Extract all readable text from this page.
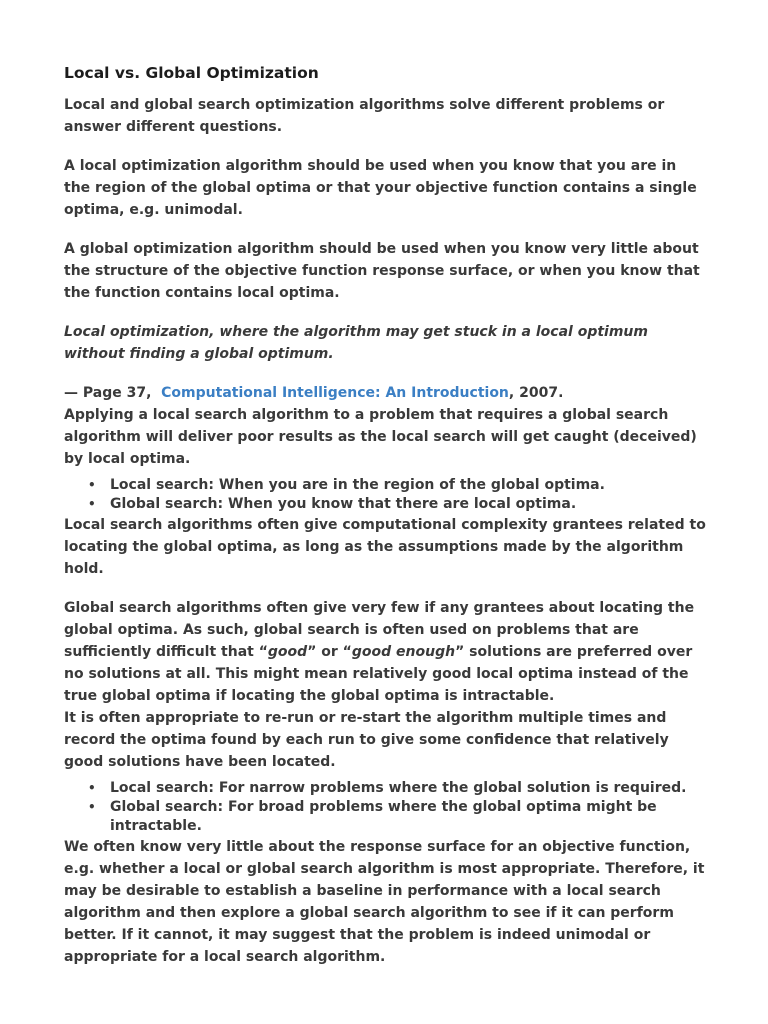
Local vs. Global Optimization

Local and global search optimization algorithms solve different problems or answer different questions.

A local optimization algorithm should be used when you know that you are in the region of the global optima or that your objective function contains a single optima, e.g. unimodal.

A global optimization algorithm should be used when you know very little about the structure of the objective function response surface, or when you know that the function contains local optima.

Local optimization, where the algorithm may get stuck in a local optimum without finding a global optimum.

— Page 37, Computational Intelligence: An Introduction, 2007.

Applying a local search algorithm to a problem that requires a global search algorithm will deliver poor results as the local search will get caught (deceived) by local optima.

• Local search: When you are in the region of the global optima.
• Global search: When you know that there are local optima.

Local search algorithms often give computational complexity grantees related to locating the global optima, as long as the assumptions made by the algorithm hold.

Global search algorithms often give very few if any grantees about locating the global optima. As such, global search is often used on problems that are sufficiently difficult that “good” or “good enough” solutions are preferred over no solutions at all. This might mean relatively good local optima instead of the true global optima if locating the global optima is intractable.

It is often appropriate to re-run or re-start the algorithm multiple times and record the optima found by each run to give some confidence that relatively good solutions have been located.

• Local search: For narrow problems where the global solution is required.
• Global search: For broad problems where the global optima might be intractable.

We often know very little about the response surface for an objective function, e.g. whether a local or global search algorithm is most appropriate. Therefore, it may be desirable to establish a baseline in performance with a local search algorithm and then explore a global search algorithm to see if it can perform better. If it cannot, it may suggest that the problem is indeed unimodal or appropriate for a local search algorithm.
